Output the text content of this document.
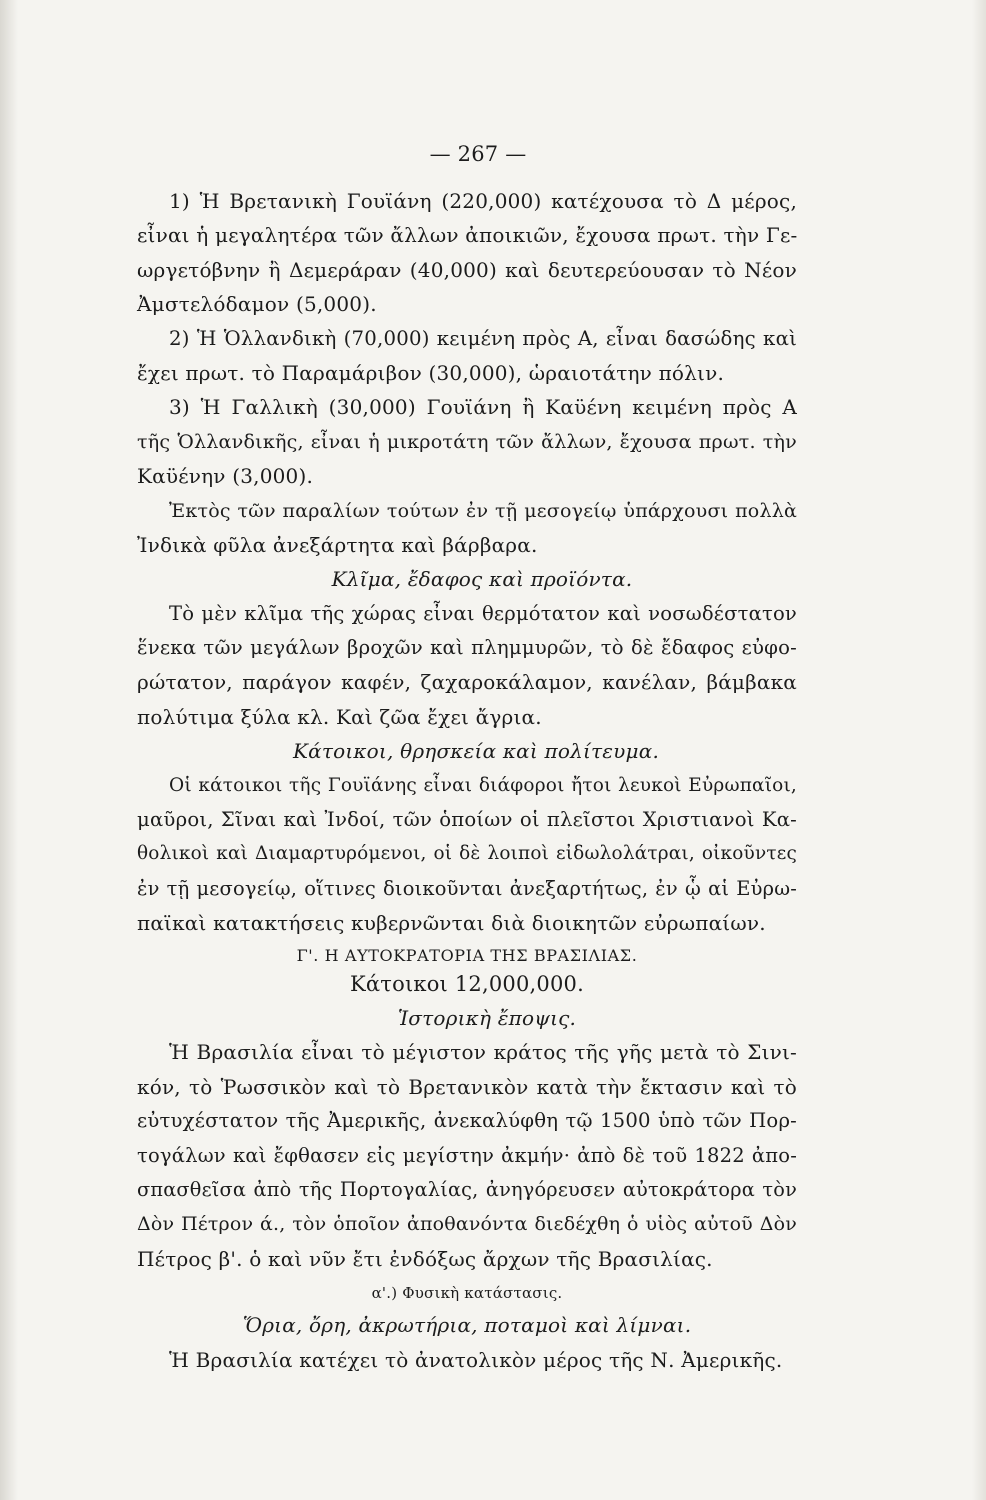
— 267 —
1) Ἡ Βρετανικὴ Γουϊάνη (220,000) κατέχουσα τὸ Δ μέρος,
εἶναι ἡ μεγαλητέρα τῶν ἄλλων ἀποικιῶν, ἔχουσα πρωτ. τὴν Γε-
ωργετόβνην ἢ Δεμεράραν (40,000) καὶ δευτερεύουσαν τὸ Νέον
Ἀμστελόδαμον (5,000).
2) Ἡ Ὁλλανδικὴ (70,000) κειμένη πρὸς Α, εἶναι δασώδης καὶ
ἔχει πρωτ. τὸ Παραμάριβον (30,000), ὡραιοτάτην πόλιν.
3) Ἡ Γαλλικὴ (30,000) Γουϊάνη ἢ Καϋένη κειμένη πρὸς Α
τῆς Ὁλλανδικῆς, εἶναι ἡ μικροτάτη τῶν ἄλλων, ἔχουσα πρωτ. τὴν
Καϋένην (3,000).
Ἐκτὸς τῶν παραλίων τούτων ἐν τῇ μεσογείῳ ὑπάρχουσι πολλὰ
Ἰνδικὰ φῦλα ἀνεξάρτητα καὶ βάρβαρα.
Κλῖμα, ἔδαφος καὶ προϊόντα.
Τὸ μὲν κλῖμα τῆς χώρας εἶναι θερμότατον καὶ νοσωδέστατον
ἕνεκα τῶν μεγάλων βροχῶν καὶ πλημμυρῶν, τὸ δὲ ἔδαφος εὐφο-
ρώτατον, παράγον καφέν, ζαχαροκάλαμον, κανέλαν, βάμβακα
πολύτιμα ξύλα κλ. Καὶ ζῶα ἔχει ἄγρια.
Κάτοικοι, θρησκεία καὶ πολίτευμα.
Οἱ κάτοικοι τῆς Γουϊάνης εἶναι διάφοροι ἤτοι λευκοὶ Εὐρωπαῖοι,
μαῦροι, Σῖναι καὶ Ἰνδοί, τῶν ὁποίων οἱ πλεῖστοι Χριστιανοὶ Κα-
θολικοὶ καὶ Διαμαρτυρόμενοι, οἱ δὲ λοιποὶ εἰδωλολάτραι, οἰκοῦντες
ἐν τῇ μεσογείῳ, οἵτινες διοικοῦνται ἀνεξαρτήτως, ἐν ᾧ αἱ Εὐρω-
παϊκαὶ κατακτήσεις κυβερνῶνται διὰ διοικητῶν εὐρωπαίων.
Γ'. Η ΑΥΤΟΚΡΑΤΟΡΙΑ ΤΗΣ ΒΡΑΣΙΛΙΑΣ.
Κάτοικοι 12,000,000.
Ἱστορικὴ ἔποψις.
Ἡ Βρασιλία εἶναι τὸ μέγιστον κράτος τῆς γῆς μετὰ τὸ Σινι-
κόν, τὸ Ῥωσσικὸν καὶ τὸ Βρετανικὸν κατὰ τὴν ἔκτασιν καὶ τὸ
εὐτυχέστατον τῆς Ἀμερικῆς, ἀνεκαλύφθη τῷ 1500 ὑπὸ τῶν Πορ-
τογάλων καὶ ἔφθασεν εἰς μεγίστην ἀκμήν· ἀπὸ δὲ τοῦ 1822 ἀπο-
σπασθεῖσα ἀπὸ τῆς Πορτογαλίας, ἀνηγόρευσεν αὐτοκράτορα τὸν
Δὸν Πέτρον ά., τὸν ὁποῖον ἀποθανόντα διεδέχθη ὁ υἱὸς αὐτοῦ Δὸν
Πέτρος β'. ὁ καὶ νῦν ἔτι ἐνδόξως ἄρχων τῆς Βρασιλίας.
α'.) Φυσικὴ κατάστασις.
Ὅρια, ὄρη, ἀκρωτήρια, ποταμοὶ καὶ λίμναι.
Ἡ Βρασιλία κατέχει τὸ ἀνατολικὸν μέρος τῆς Ν. Ἀμερικῆς.
